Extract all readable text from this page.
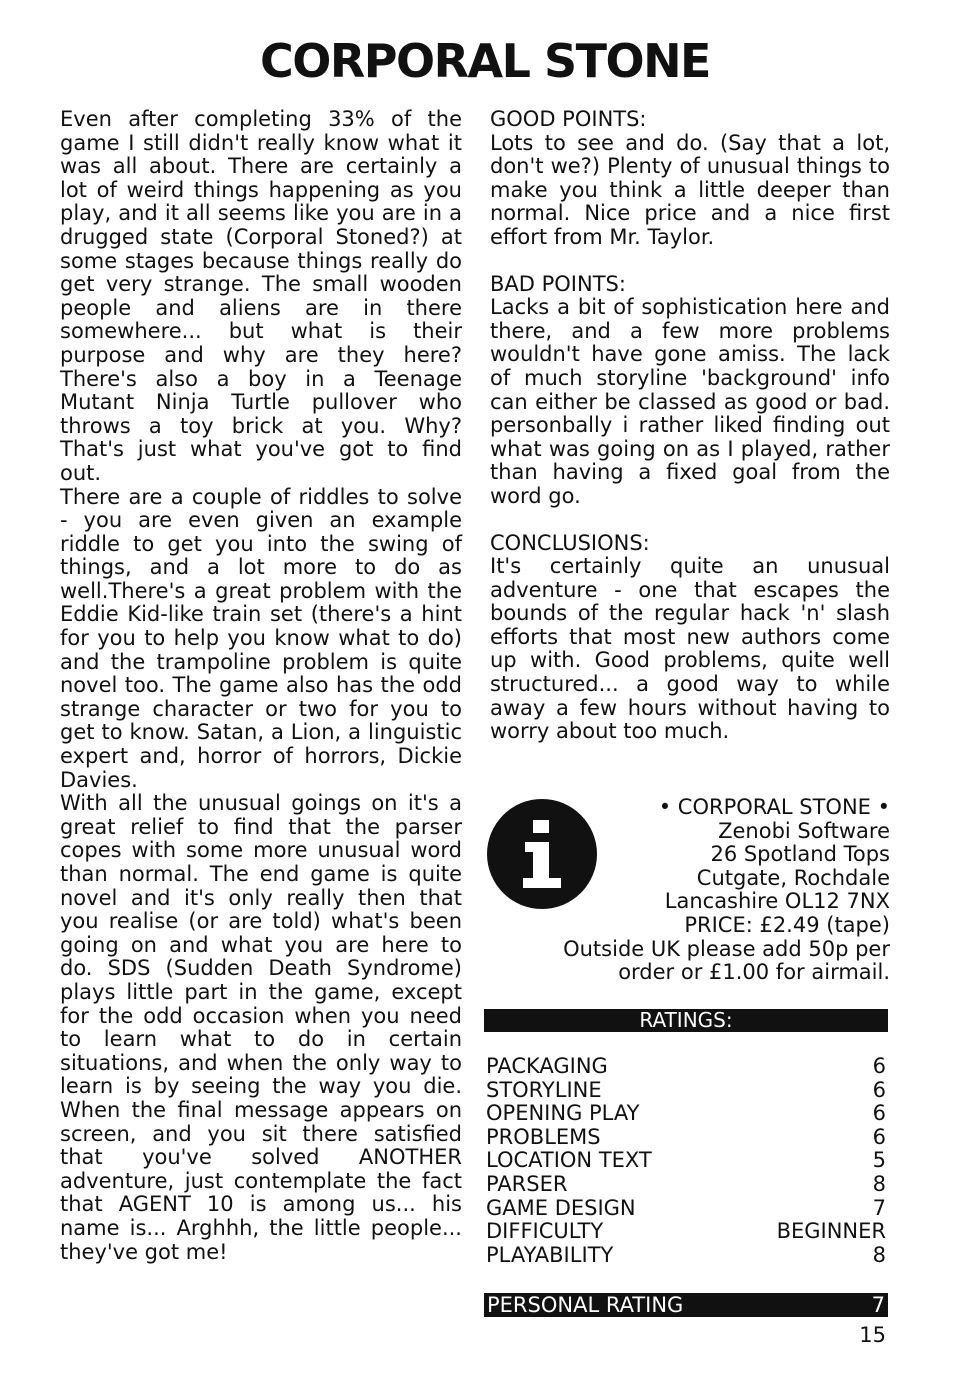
CORPORAL STONE

Even after completing 33% of the game I still didn't really know what it was all about. There are certainly a lot of weird things happening as you play, and it all seems like you are in a drugged state (Corporal Stoned?) at some stages because things really do get very strange. The small wooden people and aliens are in there somewhere... but what is their purpose and why are they here? There's also a boy in a Teenage Mutant Ninja Turtle pullover who throws a toy brick at you. Why? That's just what you've got to find out.

There are a couple of riddles to solve - you are even given an example riddle to get you into the swing of things, and a lot more to do as well.There's a great problem with the Eddie Kid-like train set (there's a hint for you to help you know what to do) and the trampoline problem is quite novel too. The game also has the odd strange character or two for you to get to know. Satan, a Lion, a linguistic expert and, horror of horrors, Dickie Davies.

With all the unusual goings on it's a great relief to find that the parser copes with some more unusual word than normal. The end game is quite novel and it's only really then that you realise (or are told) what's been going on and what you are here to do. SDS (Sudden Death Syndrome) plays little part in the game, except for the odd occasion when you need to learn what to do in certain situations, and when the only way to learn is by seeing the way you die. When the final message appears on screen, and you sit there satisfied that you've solved ANOTHER adventure, just contemplate the fact that AGENT 10 is among us... his name is... Arghhh, the little people... they've got me!

GOOD POINTS:
Lots to see and do. (Say that a lot, don't we?) Plenty of unusual things to make you think a little deeper than normal. Nice price and a nice first effort from Mr. Taylor.
BAD POINTS:
Lacks a bit of sophistication here and there, and a few more problems wouldn't have gone amiss. The lack of much storyline 'background' info can either be classed as good or bad. personbally i rather liked finding out what was going on as I played, rather than having a fixed goal from the word go.
CONCLUSIONS:
It's certainly quite an unusual adventure - one that escapes the bounds of the regular hack 'n' slash efforts that most new authors come up with. Good problems, quite well structured... a good way to while away a few hours without having to worry about too much.
• CORPORAL STONE •
Zenobi Software
26 Spotland Tops
Cutgate, Rochdale
Lancashire OL12 7NX
PRICE: £2.49 (tape)
Outside UK please add 50p per
order or £1.00 for airmail.
RATINGS:
PACKAGING	6
STORYLINE	6
OPENING PLAY	6
PROBLEMS	6
LOCATION TEXT	5
PARSER	8
GAME DESIGN	7
DIFFICULTY	BEGINNER
PLAYABILITY	8
PERSONAL RATING	7
15
